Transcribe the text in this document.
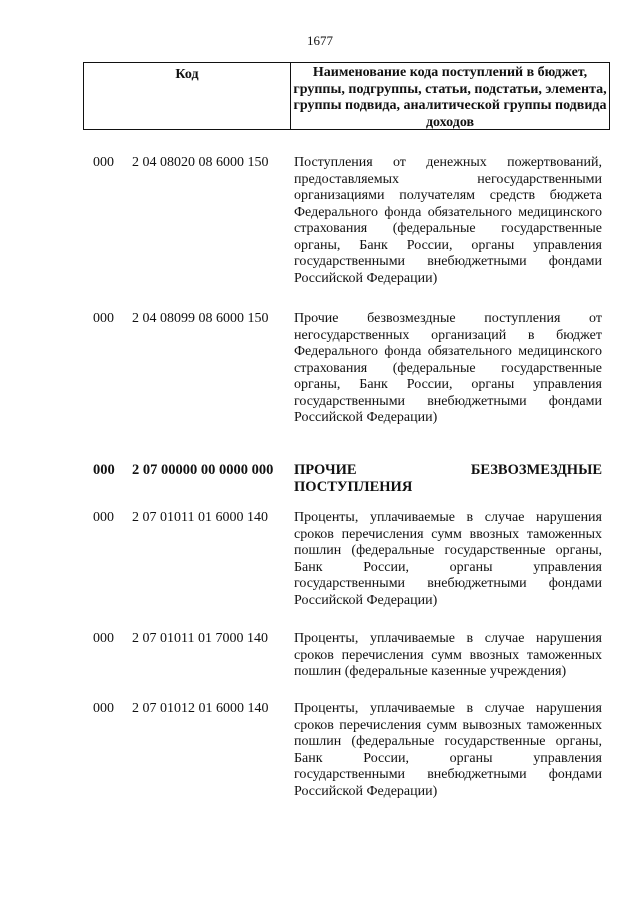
1677
Код	Наименование кода поступлений в бюджет, группы, подгруппы, статьи, подстатьи, элемента, группы подвида, аналитической группы подвида доходов
000	2 04 08020 08 6000 150	Поступления от денежных пожертвований, предоставляемых негосударственными организациями получателям средств бюджета Федерального фонда обязательного медицинского страхования (федеральные государственные органы, Банк России, органы управления государственными внебюджетными фондами Российской Федерации)
000	2 04 08099 08 6000 150	Прочие безвозмездные поступления от негосударственных организаций в бюджет Федерального фонда обязательного медицинского страхования (федеральные государственные органы, Банк России, органы управления государственными внебюджетными фондами Российской Федерации)
000	2 07 00000 00 0000 000	ПРОЧИЕ БЕЗВОЗМЕЗДНЫЕ ПОСТУПЛЕНИЯ
000	2 07 01011 01 6000 140	Проценты, уплачиваемые в случае нарушения сроков перечисления сумм ввозных таможенных пошлин (федеральные государственные органы, Банк России, органы управления государственными внебюджетными фондами Российской Федерации)
000	2 07 01011 01 7000 140	Проценты, уплачиваемые в случае нарушения сроков перечисления сумм ввозных таможенных пошлин (федеральные казенные учреждения)
000	2 07 01012 01 6000 140	Проценты, уплачиваемые в случае нарушения сроков перечисления сумм вывозных таможенных пошлин (федеральные государственные органы, Банк России, органы управления государственными внебюджетными фондами Российской Федерации)
